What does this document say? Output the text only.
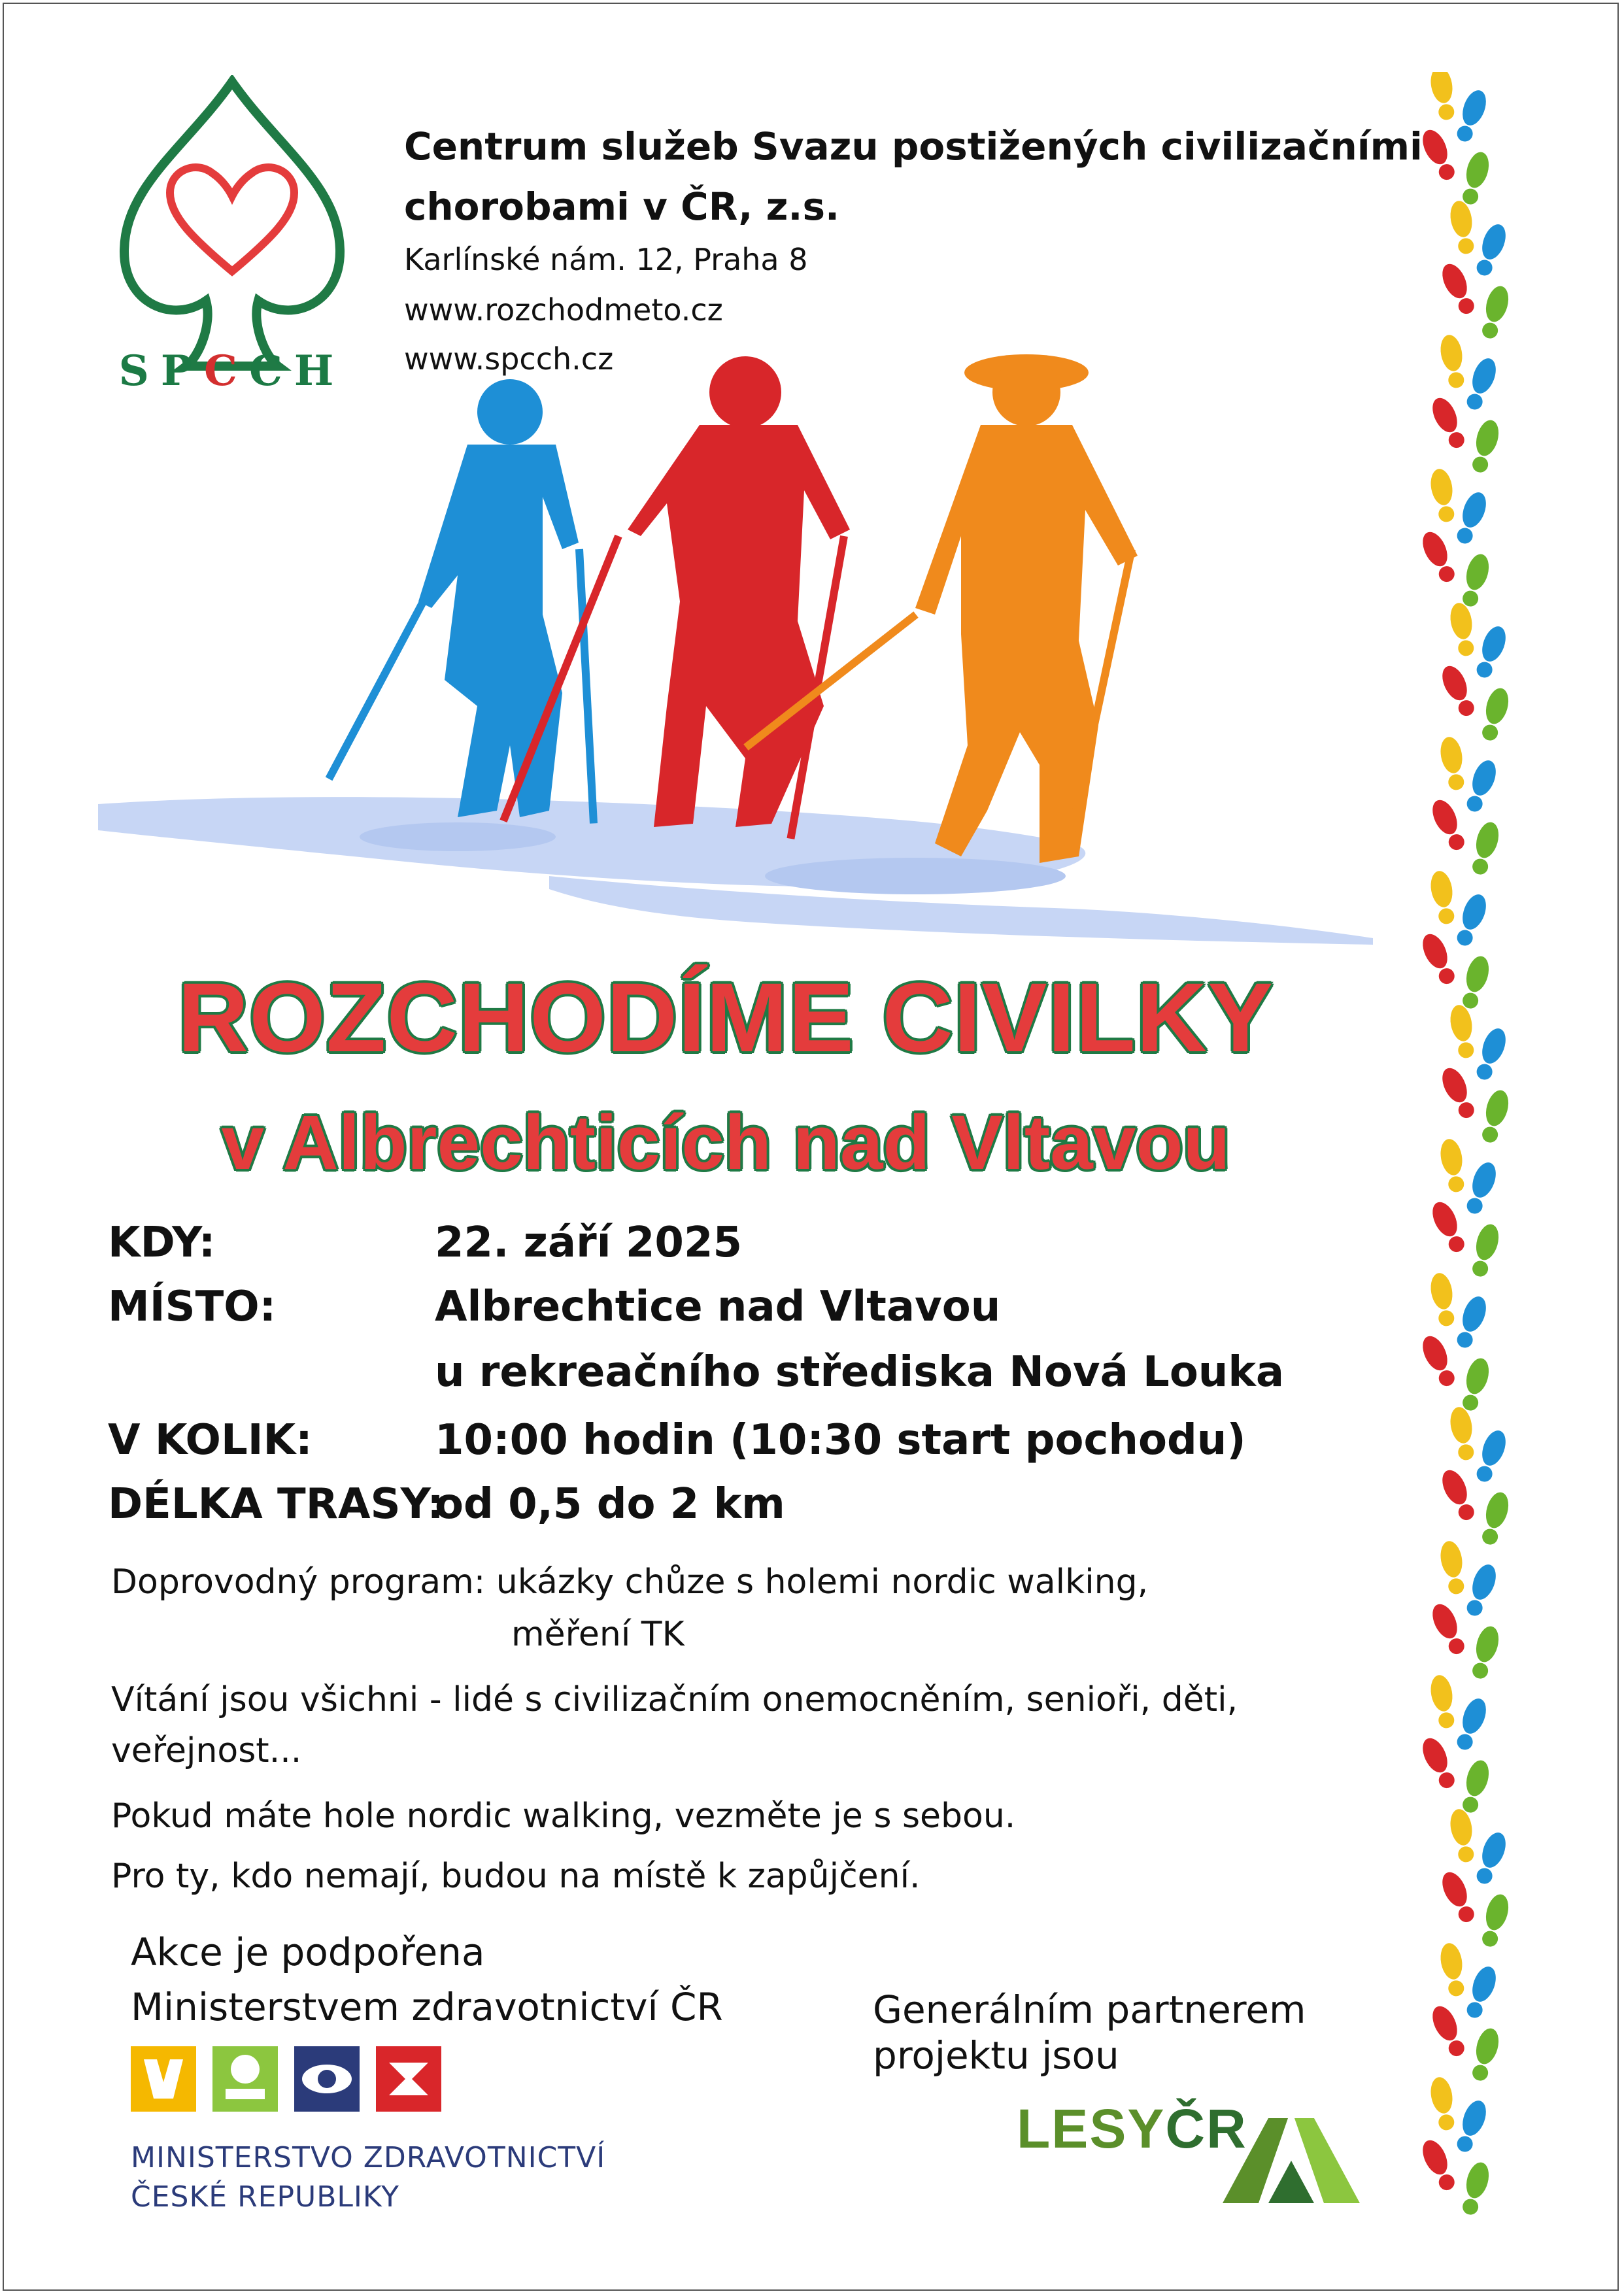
SPCCH
Centrum služeb Svazu postižených civilizačními
chorobami v ČR, z.s.
Karlínské nám. 12, Praha 8
www.rozchodmeto.cz
www.spcch.cz
ROZCHODÍME CIVILKY
v Albrechticích nad Vltavou
KDY:	22. září 2025
MÍSTO:	Albrechtice nad Vltavou
u rekreačního střediska Nová Louka
V KOLIK:	10:00 hodin (10:30 start pochodu)
DÉLKA TRASY:
od 0,5 do 2 km
Doprovodný program: ukázky chůze s holemi nordic walking,
měření TK
Vítání jsou všichni - lidé s civilizačním onemocněním, senioři, děti,
veřejnost...
Pokud máte hole nordic walking, vezměte je s sebou.
Pro ty, kdo nemají, budou na místě k zapůjčení.
Akce je podpořena
Ministerstvem zdravotnictví ČR
MINISTERSTVO ZDRAVOTNICTVÍ
ČESKÉ REPUBLIKY
Generálním partnerem
projektu jsou
LESYČR
